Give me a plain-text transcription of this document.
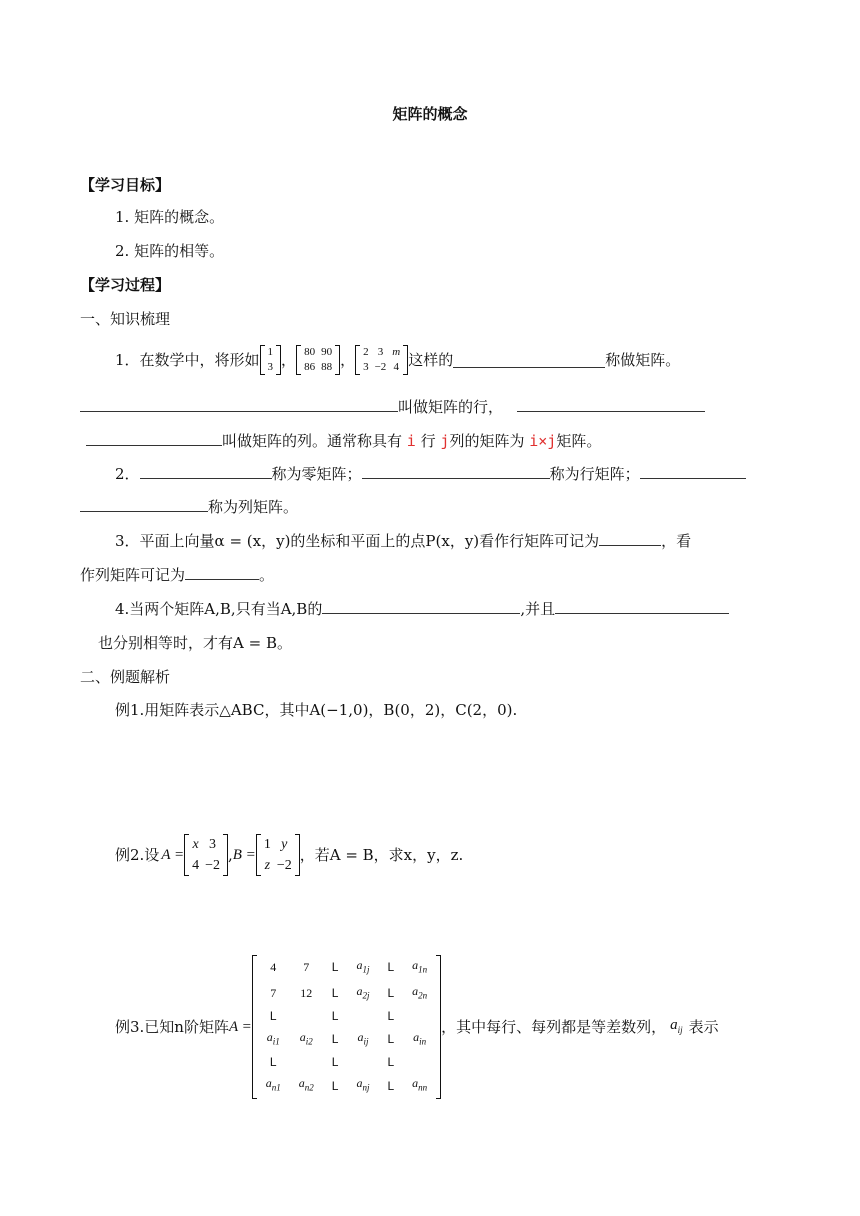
矩阵的概念
【学习目标】
1. 矩阵的概念。
2. 矩阵的相等。
【学习过程】
一、知识梳理
1．在数学中，将形如 1
3 ， 80	90
86	88 ， 2	3	m
3	−2	4 这样的	称做矩阵。
叫做矩阵的行，
叫做矩阵的列。通常称具有 i 行 j列的矩阵为 i×j矩阵。
2．	称为零矩阵；	称为行矩阵；
称为列矩阵。
3．平面上向量α = (x，y)的坐标和平面上的点P(x，y)看作行矩阵可记为	，看
作列矩阵可记为	。
4.当两个矩阵A,B,只有当A,B的	,并且
也分别相等时，才有A = B。
二、例题解析
例1.用矩阵表示△ABC，其中A(−1,0)，B(0，2)，C(2，0).
例2.设 A =
x	3
4	−2
, B =
1	y
z	−2
，若A = B，求x，y，z.
例3.已知n阶矩阵 A =
4	7	L	$a_{1j}$	L	$a_{1n}$
7	12	L	$a_{2j}$	L	$a_{2n}$
L		L		L	
$a_{i1}$	$a_{i2}$	L	$a_{ij}$	L	$a_{in}$
L		L		L	
$a_{n1}$	$a_{n2}$	L	$a_{nj}$	L	$a_{nn}$
，其中每行、每列都是等差数列， $a_{ij}$ 表示
